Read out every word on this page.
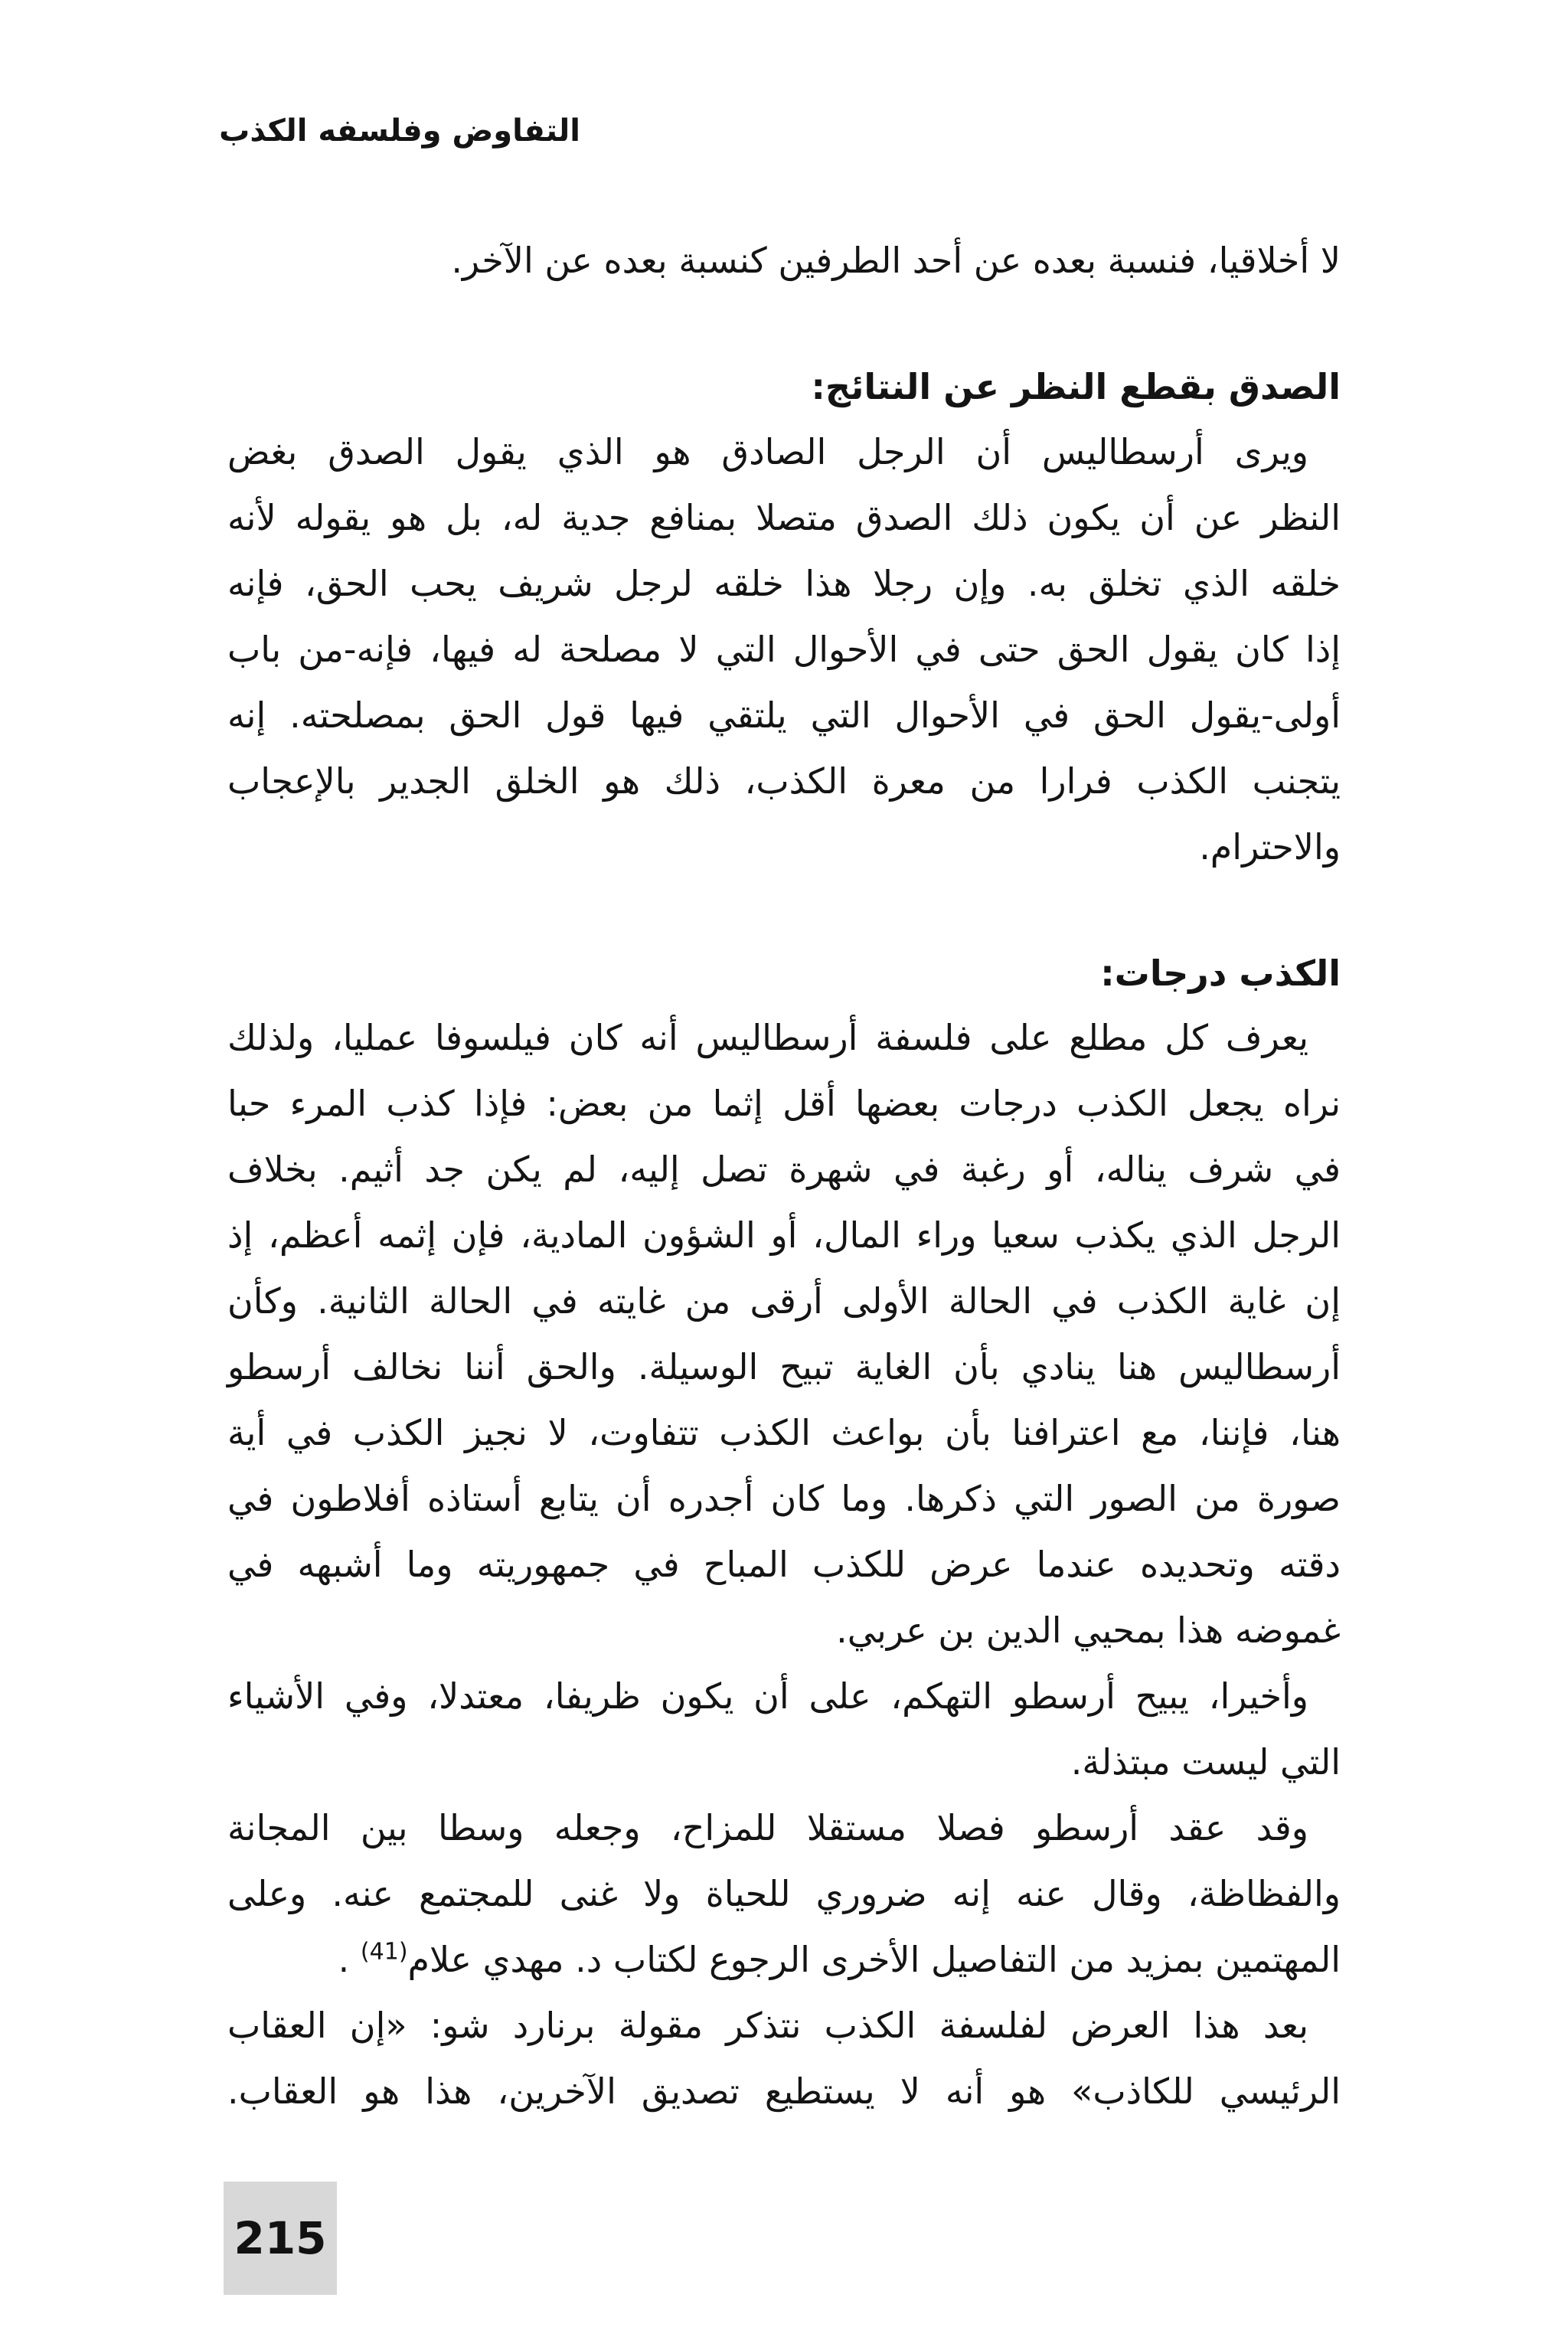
التفاوض وفلسفه الكذب
لا أخلاقيا، فنسبة بعده عن أحد الطرفين كنسبة بعده عن الآخر.
الصدق بقطع النظر عن النتائج:
ويرى أرسطاليس أن الرجل الصادق هو الذي يقول الصدق بغض
النظر عن أن يكون ذلك الصدق متصلا بمنافع جدية له، بل هو يقوله لأنه
خلقه الذي تخلق به. وإن رجلا هذا خلقه لرجل شريف يحب الحق، فإنه
إذا كان يقول الحق حتى في الأحوال التي لا مصلحة له فيها، فإنه-من باب
أولى-يقول الحق في الأحوال التي يلتقي فيها قول الحق بمصلحته. إنه
يتجنب الكذب فرارا من معرة الكذب، ذلك هو الخلق الجدير بالإعجاب
والاحترام.
الكذب درجات:
يعرف كل مطلع على فلسفة أرسطاليس أنه كان فيلسوفا عمليا، ولذلك
نراه يجعل الكذب درجات بعضها أقل إثما من بعض: فإذا كذب المرء حبا
في شرف يناله، أو رغبة في شهرة تصل إليه، لم يكن جد أثيم. بخلاف
الرجل الذي يكذب سعيا وراء المال، أو الشؤون المادية، فإن إثمه أعظم، إذ
إن غاية الكذب في الحالة الأولى أرقى من غايته في الحالة الثانية. وكأن
أرسطاليس هنا ينادي بأن الغاية تبيح الوسيلة. والحق أننا نخالف أرسطو
هنا، فإننا، مع اعترافنا بأن بواعث الكذب تتفاوت، لا نجيز الكذب في أية
صورة من الصور التي ذكرها. وما كان أجدره أن يتابع أستاذه أفلاطون في
دقته وتحديده عندما عرض للكذب المباح في جمهوريته وما أشبهه في
غموضه هذا بمحيي الدين بن عربي.
وأخيرا، يبيح أرسطو التهكم، على أن يكون ظريفا، معتدلا، وفي الأشياء
التي ليست مبتذلة.
وقد عقد أرسطو فصلا مستقلا للمزاح، وجعله وسطا بين المجانة
والفظاظة، وقال عنه إنه ضروري للحياة ولا غنى للمجتمع عنه. وعلى
المهتمين بمزيد من التفاصيل الأخرى الرجوع لكتاب د. مهدي علام$^{(41)}$ .
بعد هذا العرض لفلسفة الكذب نتذكر مقولة برنارد شو: «إن العقاب
الرئيسي للكاذب» هو أنه لا يستطيع تصديق الآخرين، هذا هو العقاب.
215
